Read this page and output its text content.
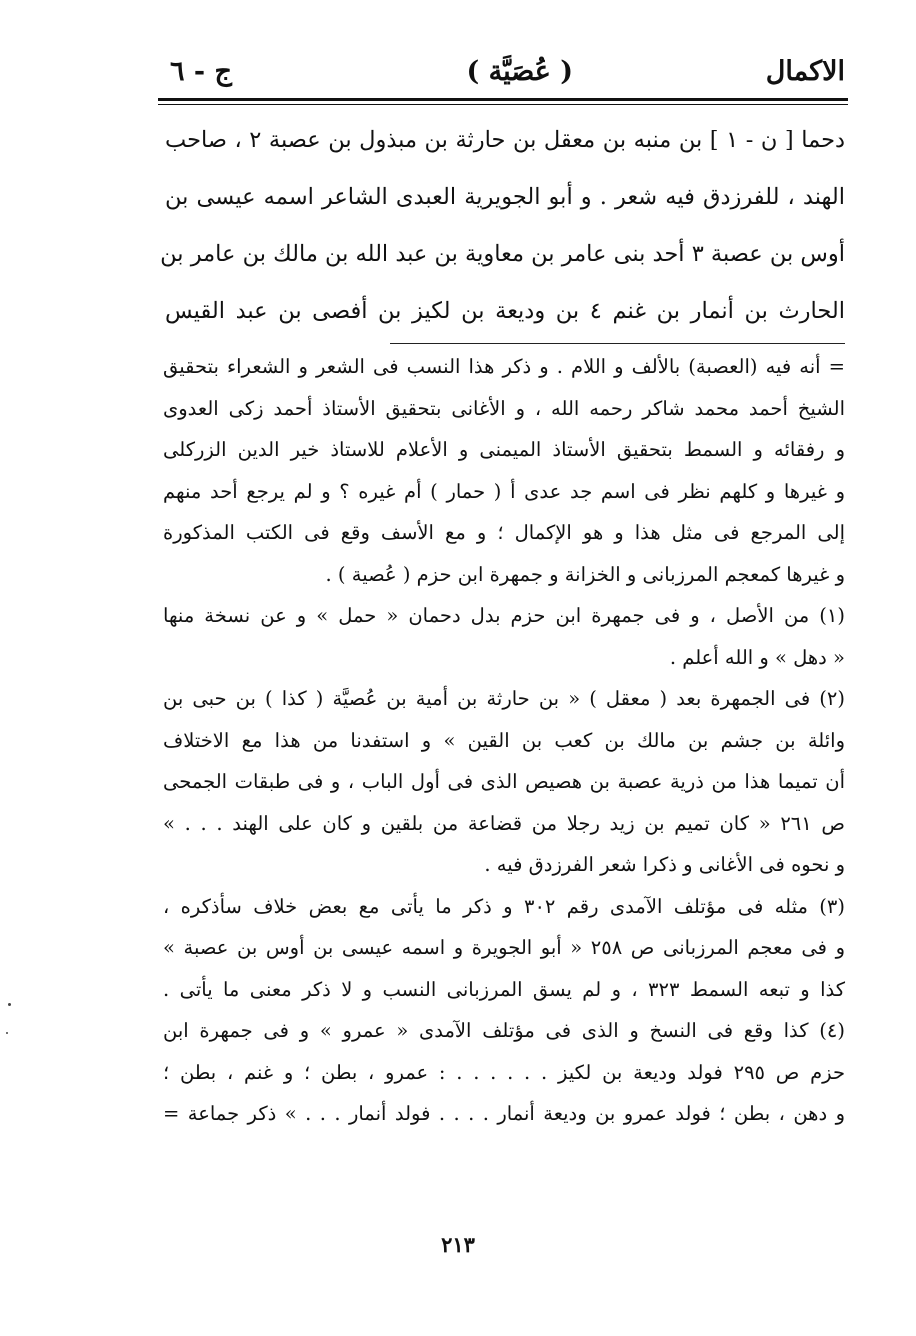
الاكمال
( عُصَيَّة )
ج - ٦
دحما [ ن - ١ ] بن منبه بن معقل بن حارثة بن مبذول بن عصبة ٢ ، صاحب
الهند ، للفرزدق فيه شعر . و أبو الجويرية العبدى الشاعر اسمه عيسى بن
أوس بن عصبة ٣ أحد بنى عامر بن معاوية بن عبد الله بن مالك بن عامر بن
الحارث بن أنمار بن غنم ٤ بن وديعة بن لكيز بن أفصى بن عبد القيس
= أنه فيه (العصبة) بالألف و اللام . و ذكر هذا النسب فى الشعر و الشعراء بتحقيق
الشيخ أحمد محمد شاكر رحمه الله ، و الأغانى بتحقيق الأستاذ أحمد زكى العدوى
و رفقائه و السمط بتحقيق الأستاذ الميمنى و الأعلام للاستاذ خير الدين الزركلى
و غيرها و كلهم نظر فى اسم جد عدى أ ( حمار ) أم غيره ؟ و لم يرجع أحد منهم
إلى المرجع فى مثل هذا و هو الإكمال ؛ و مع الأسف وقع فى الكتب المذكورة
و غيرها كمعجم المرزبانى و الخزانة و جمهرة ابن حزم ( عُصية ) .
(١) من الأصل ، و فى جمهرة ابن حزم بدل دحمان « حمل » و عن نسخة منها
« دهل » و الله أعلم .
(٢) فى الجمهرة بعد ( معقل ) « بن حارثة بن أمية بن عُصيَّة ( كذا ) بن حبى بن
وائلة بن جشم بن مالك بن كعب بن القين » و استفدنا من هذا مع الاختلاف
أن تميما هذا من ذرية عصبة بن هصيص الذى فى أول الباب ، و فى طبقات الجمحى
ص ٢٦١ « كان تميم بن زيد رجلا من قضاعة من بلقين و كان على الهند . . . »
و نحوه فى الأغانى و ذكرا شعر الفرزدق فيه .
(٣) مثله فى مؤتلف الآمدى رقم ٣٠٢ و ذكر ما يأتى مع بعض خلاف سأذكره ،
و فى معجم المرزبانى ص ٢٥٨ « أبو الجويرة و اسمه عيسى بن أوس بن عصبة »
كذا و تبعه السمط ٣٢٣ ، و لم يسق المرزبانى النسب و لا ذكر معنى ما يأتى .
(٤) كذا وقع فى النسخ و الذى فى مؤتلف الآمدى « عمرو » و فى جمهرة ابن
حزم ص ٢٩٥ فولد وديعة بن لكيز . . . . . . : عمرو ، بطن ؛ و غنم ، بطن ؛
و دهن ، بطن ؛ فولد عمرو بن وديعة أنمار . . . . فولد أنمار . . . » ذكر جماعة =
٢١٣
